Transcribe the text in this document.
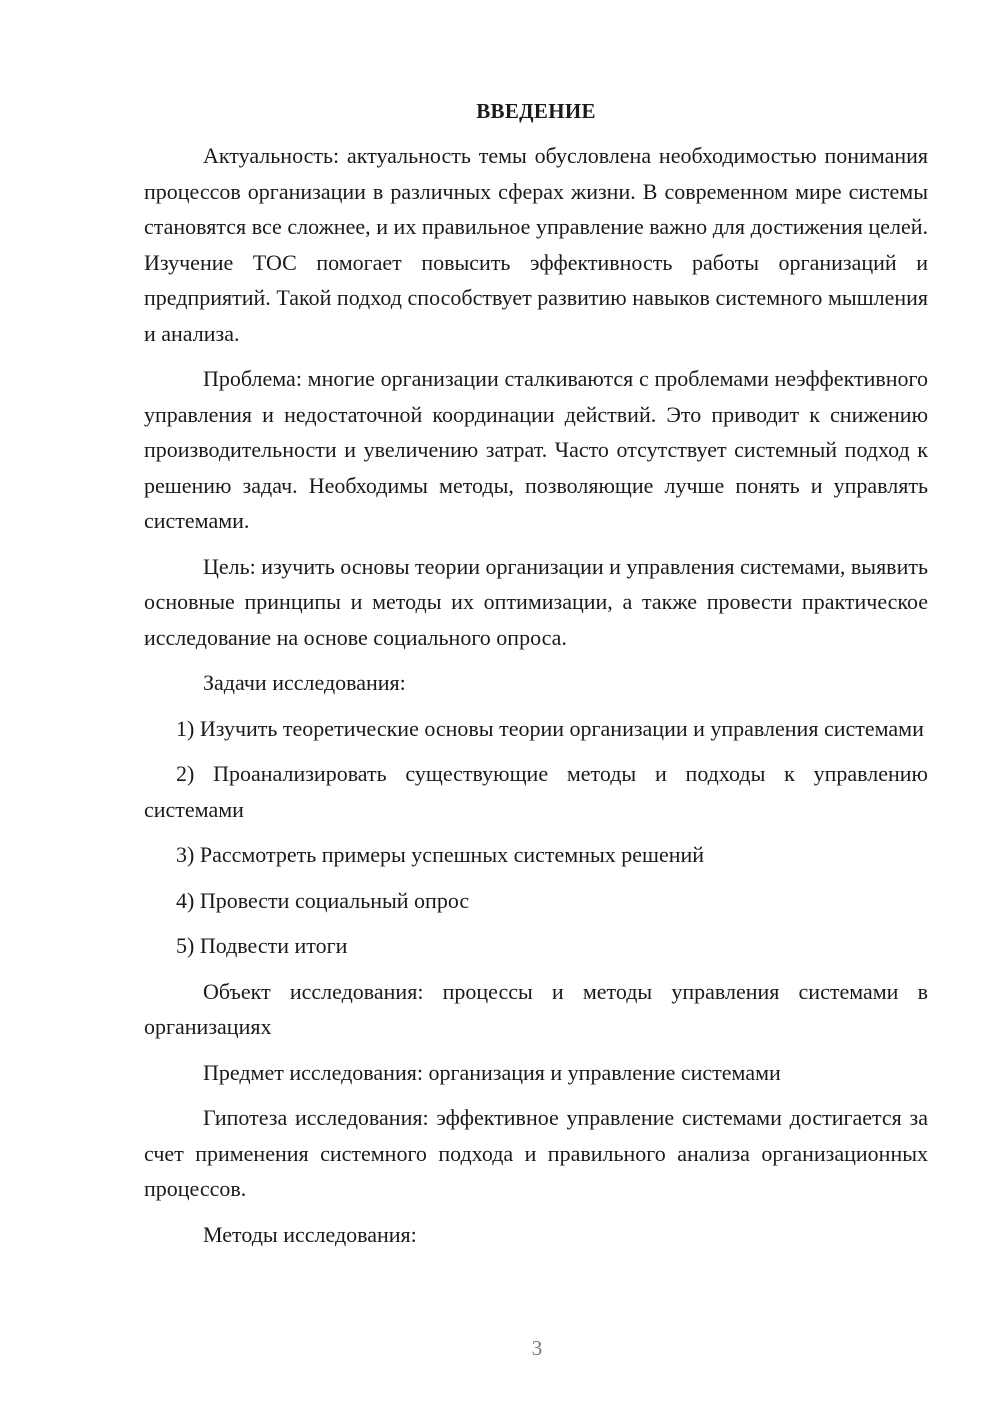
ВВЕДЕНИЕ

Актуальность: актуальность темы обусловлена необходимостью понимания процессов организации в различных сферах жизни. В современном мире системы становятся все сложнее, и их правильное управление важно для достижения целей. Изучение ТОС помогает повысить эффективность работы организаций и предприятий. Такой подход способствует развитию навыков системного мышления и анализа.

Проблема: многие организации сталкиваются с проблемами неэффективного управления и недостаточной координации действий. Это приводит к снижению производительности и увеличению затрат. Часто отсутствует системный подход к решению задач. Необходимы методы, позволяющие лучше понять и управлять системами.

Цель: изучить основы теории организации и управления системами, выявить основные принципы и методы их оптимизации, а также провести практическое исследование на основе социального опроса.

Задачи исследования:

1) Изучить теоретические основы теории организации и управления системами

2) Проанализировать существующие методы и подходы к управлению системами

3) Рассмотреть примеры успешных системных решений

4) Провести социальный опрос

5) Подвести итоги

Объект исследования: процессы и методы управления системами в организациях

Предмет исследования: организация и управление системами

Гипотеза исследования: эффективное управление системами достигается за счет применения системного подхода и правильного анализа организационных процессов.

Методы исследования:

3
